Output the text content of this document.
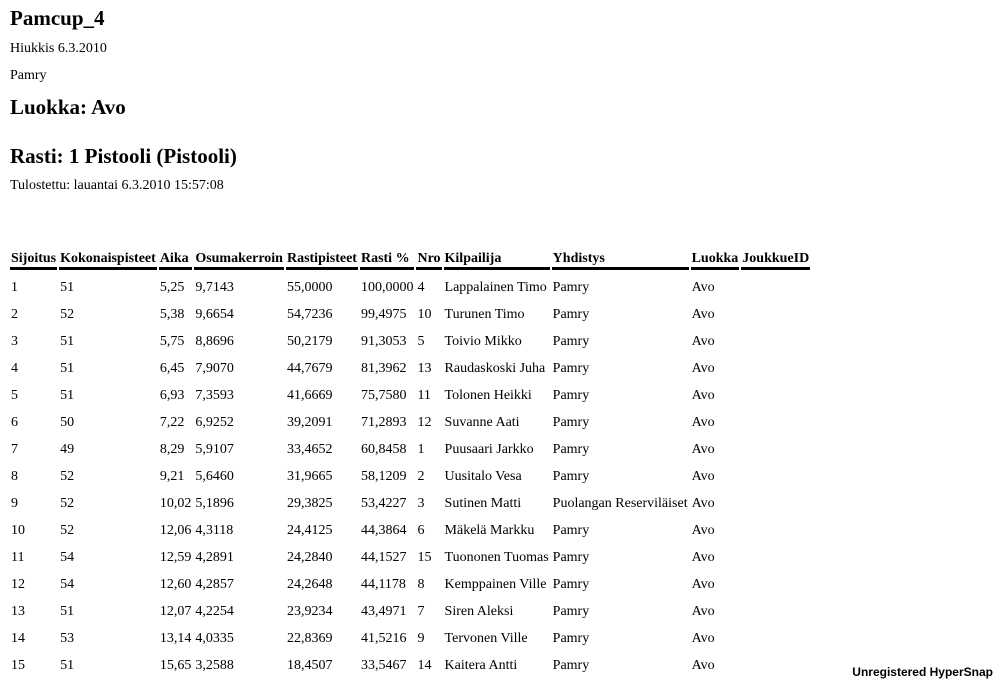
Pamcup_4
Hiukkis 6.3.2010
Pamry
Luokka: Avo
Rasti: 1 Pistooli (Pistooli)
Tulostettu: lauantai 6.3.2010 15:57:08
Sijoitus	Kokonaispisteet	Aika	Osumakerroin	Rastipisteet	Rasti %	Nro	Kilpailija	Yhdistys	Luokka	JoukkueID
1	51	5,25	9,7143	55,0000	100,0000	4	Lappalainen Timo	Pamry	Avo	
2	52	5,38	9,6654	54,7236	99,4975	10	Turunen Timo	Pamry	Avo	
3	51	5,75	8,8696	50,2179	91,3053	5	Toivio Mikko	Pamry	Avo	
4	51	6,45	7,9070	44,7679	81,3962	13	Raudaskoski Juha	Pamry	Avo	
5	51	6,93	7,3593	41,6669	75,7580	11	Tolonen Heikki	Pamry	Avo	
6	50	7,22	6,9252	39,2091	71,2893	12	Suvanne Aati	Pamry	Avo	
7	49	8,29	5,9107	33,4652	60,8458	1	Puusaari Jarkko	Pamry	Avo	
8	52	9,21	5,6460	31,9665	58,1209	2	Uusitalo Vesa	Pamry	Avo	
9	52	10,02	5,1896	29,3825	53,4227	3	Sutinen Matti	Puolangan Reserviläiset	Avo	
10	52	12,06	4,3118	24,4125	44,3864	6	Mäkelä Markku	Pamry	Avo	
11	54	12,59	4,2891	24,2840	44,1527	15	Tuononen Tuomas	Pamry	Avo	
12	54	12,60	4,2857	24,2648	44,1178	8	Kemppainen Ville	Pamry	Avo	
13	51	12,07	4,2254	23,9234	43,4971	7	Siren Aleksi	Pamry	Avo	
14	53	13,14	4,0335	22,8369	41,5216	9	Tervonen Ville	Pamry	Avo	
15	51	15,65	3,2588	18,4507	33,5467	14	Kaitera Antti	Pamry	Avo		Unregistered HyperSnap
